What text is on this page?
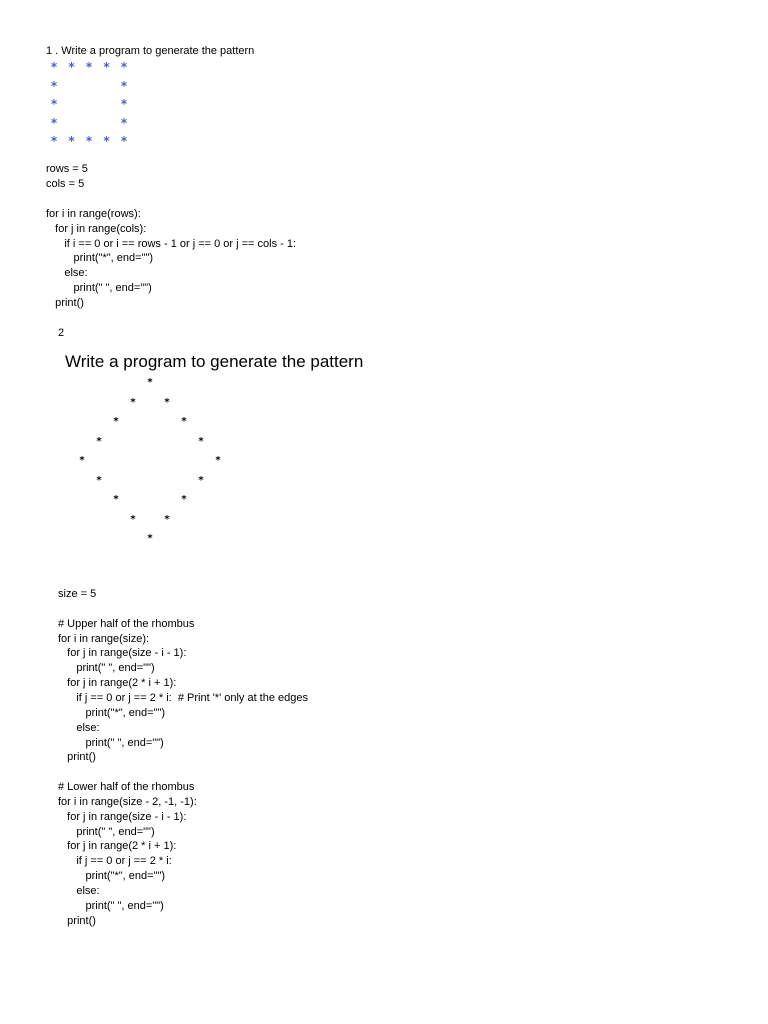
1 . Write a program to generate the pattern
* * * * *
*	*
*	*
*	*
* * * * *
rows = 5
cols = 5
for i in range(rows):
for j in range(cols):
if i == 0 or i == rows - 1 or j == 0 or j == cols - 1:
print("*", end="")
else:
print(" ", end="")
print()
2
Write a program to generate the pattern
*
*	*
*	*
*	*
*	*
*	*
*	*
*	*
*
size = 5
# Upper half of the rhombus
for i in range(size):
for j in range(size - i - 1):
print(" ", end="")
for j in range(2 * i + 1):
if j == 0 or j == 2 * i:  # Print '*' only at the edges
print("*", end="")
else:
print(" ", end="")
print()
# Lower half of the rhombus
for i in range(size - 2, -1, -1):
for j in range(size - i - 1):
print(" ", end="")
for j in range(2 * i + 1):
if j == 0 or j == 2 * i:
print("*", end="")
else:
print(" ", end="")
print()
